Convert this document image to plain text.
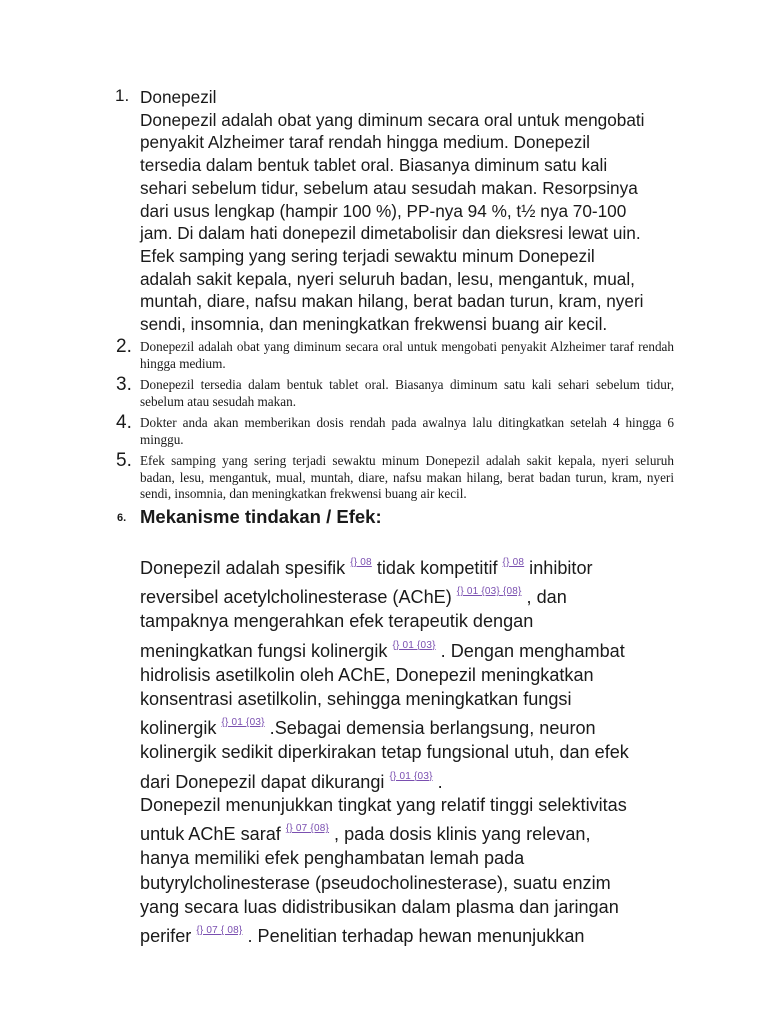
1. Donepezil
Donepezil adalah obat yang diminum secara oral untuk mengobati
penyakit Alzheimer taraf rendah hingga medium. Donepezil
tersedia dalam bentuk tablet oral. Biasanya diminum satu kali
sehari sebelum tidur, sebelum atau sesudah makan. Resorpsinya
dari usus lengkap (hampir 100 %), PP-nya 94 %, t½ nya 70-100
jam. Di dalam hati donepezil dimetabolisir dan dieksresi lewat uin.
Efek samping yang sering terjadi sewaktu minum Donepezil
adalah sakit kepala, nyeri seluruh badan, lesu, mengantuk, mual,
muntah, diare, nafsu makan hilang, berat badan turun, kram, nyeri
sendi, insomnia, dan meningkatkan frekwensi buang air kecil.
2. Donepezil adalah obat yang diminum secara oral untuk mengobati penyakit Alzheimer taraf rendah hingga medium.

3. Donepezil tersedia dalam bentuk tablet oral. Biasanya diminum satu kali sehari sebelum tidur, sebelum atau sesudah makan.

4. Dokter anda akan memberikan dosis rendah pada awalnya lalu ditingkatkan setelah 4 hingga 6 minggu.

5. Efek samping yang sering terjadi sewaktu minum Donepezil adalah sakit kepala, nyeri seluruh badan, lesu, mengantuk, mual, muntah, diare, nafsu makan hilang, berat badan turun, kram, nyeri sendi, insomnia, dan meningkatkan frekwensi buang air kecil.

6. Mekanisme tindakan / Efek:
Donepezil adalah spesifik $^{\{\} 08}$ tidak kompetitif $^{\{\} 08}$ inhibitor
reversibel acetylcholinesterase (AChE) $^{\{\} 01 \{03\} \{08\}}$ , dan
tampaknya mengerahkan efek terapeutik dengan
meningkatkan fungsi kolinergik $^{\{\} 01 \{03\}}$ . Dengan menghambat
hidrolisis asetilkolin oleh AChE, Donepezil meningkatkan
konsentrasi asetilkolin, sehingga meningkatkan fungsi
kolinergik $^{\{\} 01 \{03\}}$ .Sebagai demensia berlangsung, neuron
kolinergik sedikit diperkirakan tetap fungsional utuh, dan efek
dari Donepezil dapat dikurangi $^{\{\} 01 \{03\}}$ .
Donepezil menunjukkan tingkat yang relatif tinggi selektivitas
untuk AChE saraf $^{\{\} 07 \{08\}}$ , pada dosis klinis yang relevan,
hanya memiliki efek penghambatan lemah pada
butyrylcholinesterase (pseudocholinesterase), suatu enzim
yang secara luas didistribusikan dalam plasma dan jaringan
perifer $^{\{\} 07 \{ 08\}}$ . Penelitian terhadap hewan menunjukkan
